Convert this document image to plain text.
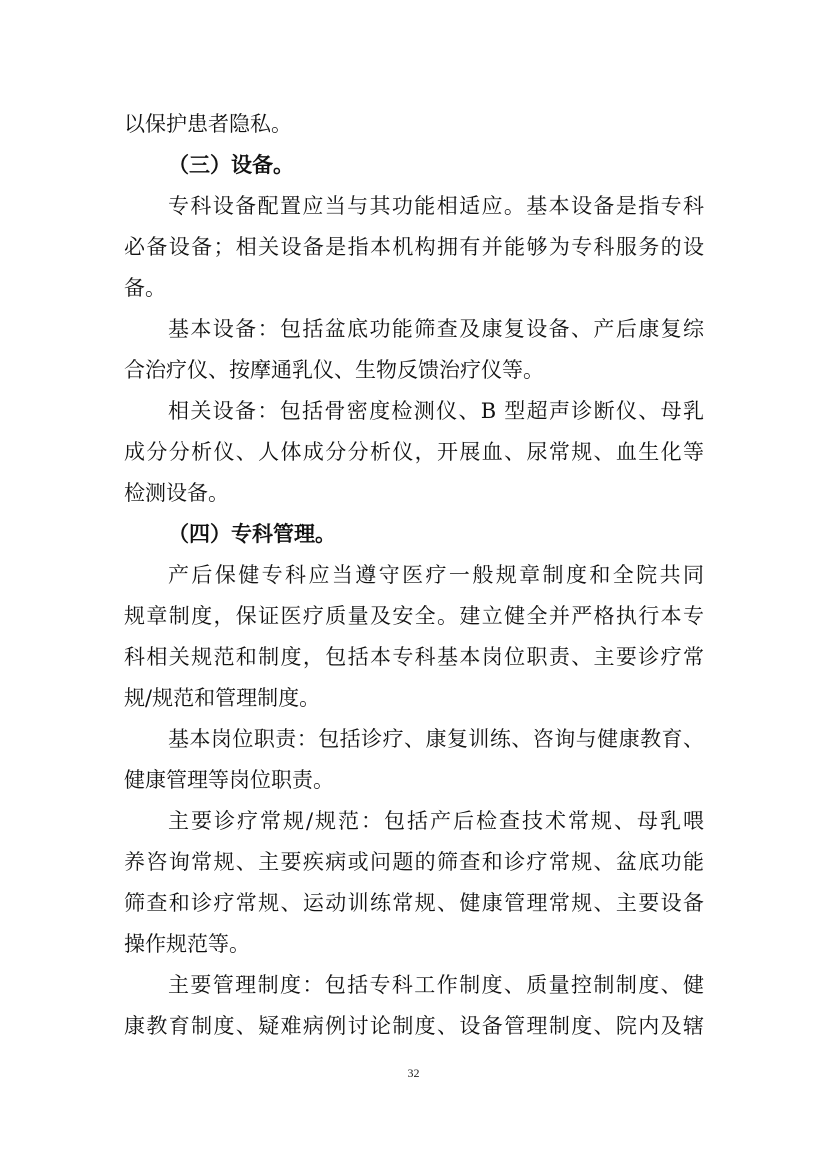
以保护患者隐私。
（三）设备。
专科设备配置应当与其功能相适应。基本设备是指专科
必备设备；相关设备是指本机构拥有并能够为专科服务的设
备。
基本设备：包括盆底功能筛查及康复设备、产后康复综
合治疗仪、按摩通乳仪、生物反馈治疗仪等。
相关设备：包括骨密度检测仪、B 型超声诊断仪、母乳
成分分析仪、人体成分分析仪，开展血、尿常规、血生化等
检测设备。
（四）专科管理。
产后保健专科应当遵守医疗一般规章制度和全院共同
规章制度，保证医疗质量及安全。建立健全并严格执行本专
科相关规范和制度，包括本专科基本岗位职责、主要诊疗常
规/规范和管理制度。
基本岗位职责：包括诊疗、康复训练、咨询与健康教育、
健康管理等岗位职责。
主要诊疗常规/规范：包括产后检查技术常规、母乳喂
养咨询常规、主要疾病或问题的筛查和诊疗常规、盆底功能
筛查和诊疗常规、运动训练常规、健康管理常规、主要设备
操作规范等。
主要管理制度：包括专科工作制度、质量控制制度、健
康教育制度、疑难病例讨论制度、设备管理制度、院内及辖
32
